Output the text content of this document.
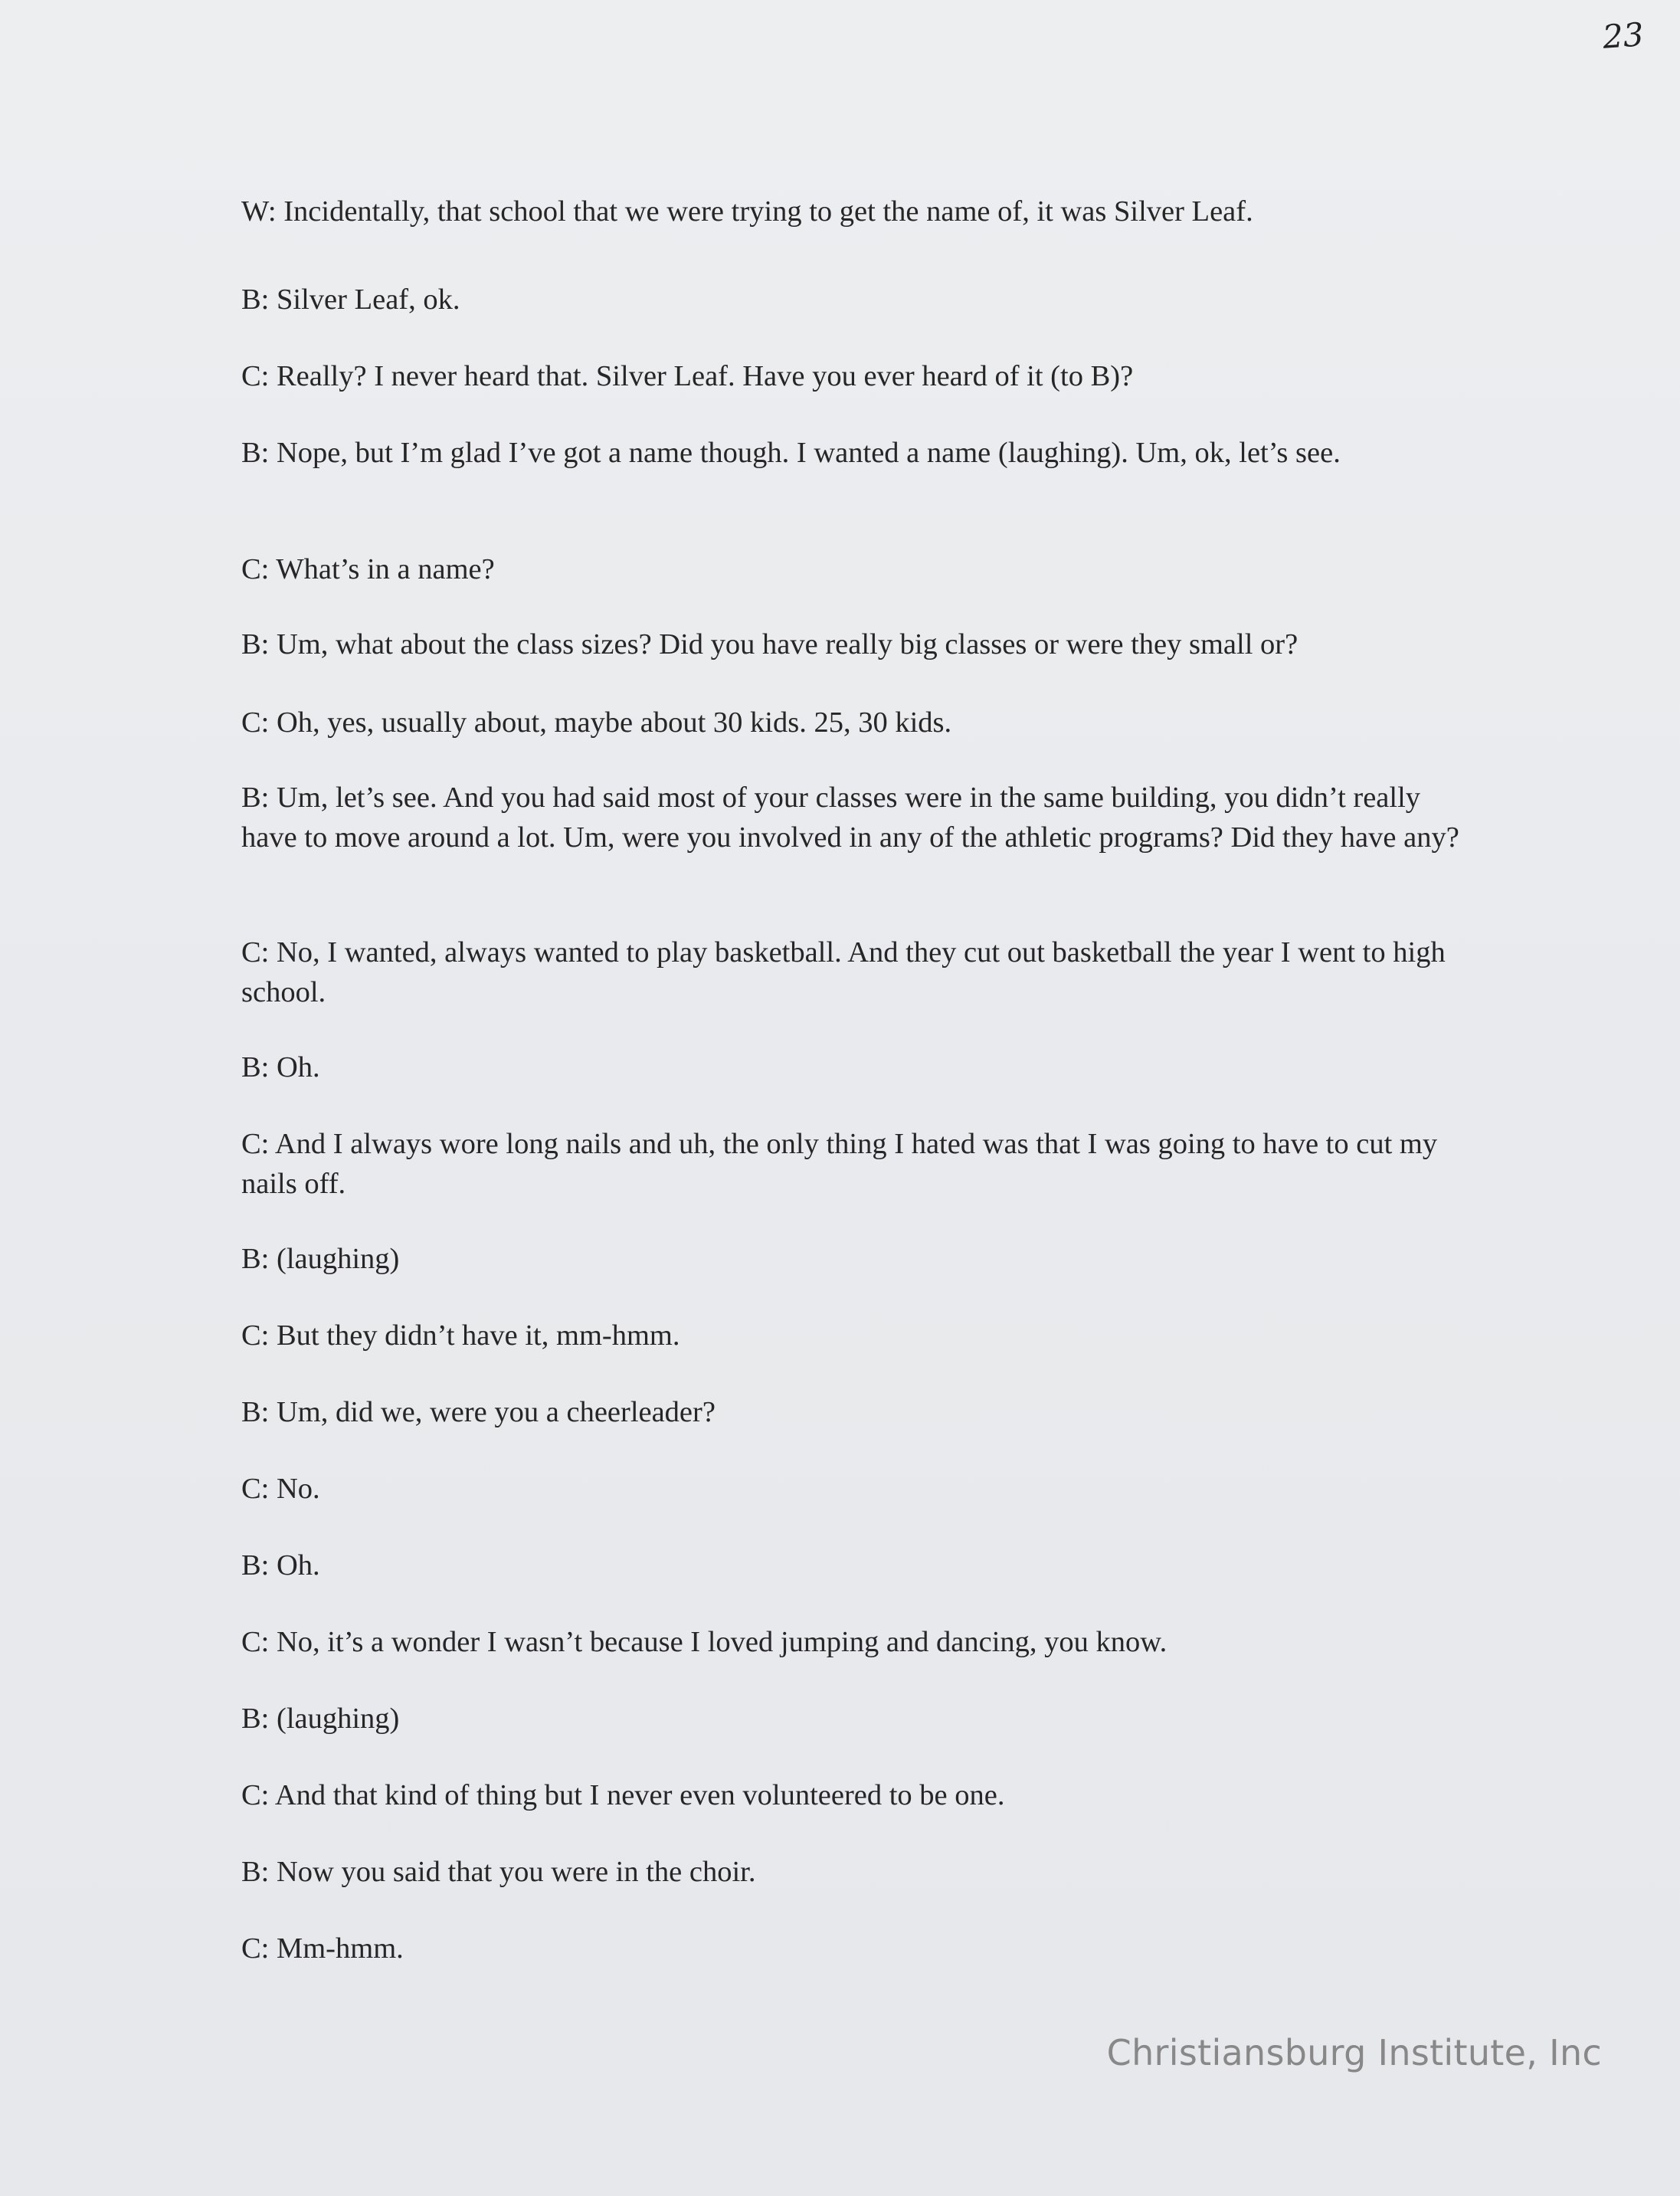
23

W: Incidentally, that school that we were trying to get the name of, it was Silver Leaf.

B: Silver Leaf, ok.

C: Really? I never heard that. Silver Leaf. Have you ever heard of it (to B)?

B: Nope, but I’m glad I’ve got a name though. I wanted a name (laughing). Um, ok, let’s see.

C: What’s in a name?

B: Um, what about the class sizes? Did you have really big classes or were they small or?

C: Oh, yes, usually about, maybe about 30 kids. 25, 30 kids.

B: Um, let’s see. And you had said most of your classes were in the same building, you didn’t really have to move around a lot. Um, were you involved in any of the athletic programs? Did they have any?

C: No, I wanted, always wanted to play basketball. And they cut out basketball the year I went to high school.

B: Oh.

C: And I always wore long nails and uh, the only thing I hated was that I was going to have to cut my nails off.

B: (laughing)

C: But they didn’t have it, mm-hmm.

B: Um, did we, were you a cheerleader?

C: No.

B: Oh.

C: No, it’s a wonder I wasn’t because I loved jumping and dancing, you know.

B: (laughing)

C: And that kind of thing but I never even volunteered to be one.

B: Now you said that you were in the choir.

C: Mm-hmm.

Christiansburg Institute, Inc
